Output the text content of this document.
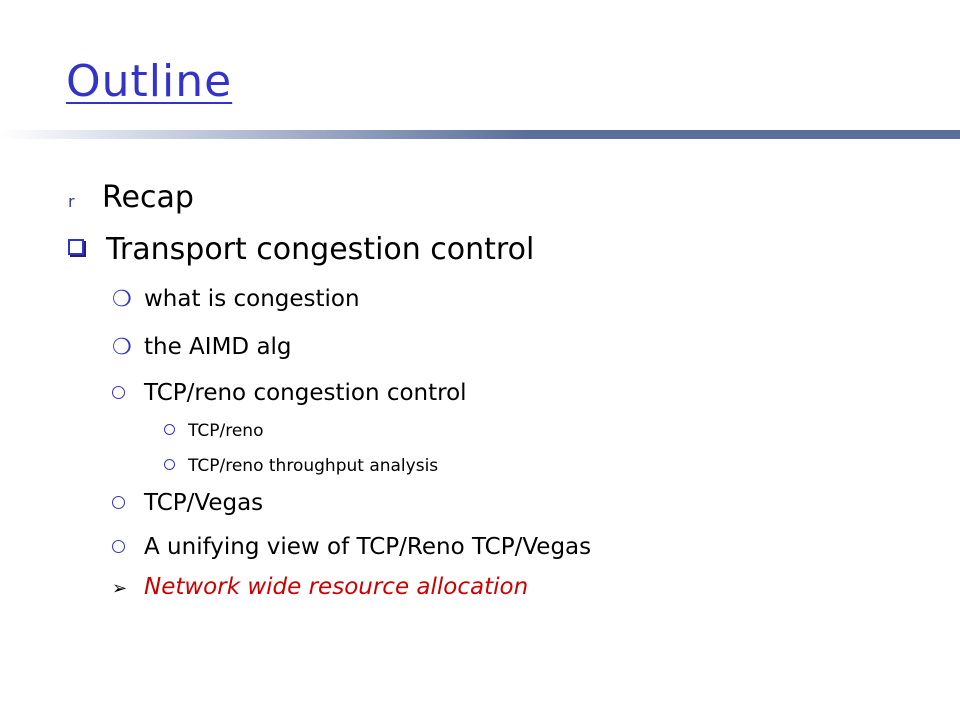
Outline
r Recap
Transport congestion control
❍ what is congestion
❍ the AIMD alg
TCP/reno congestion control
TCP/reno
TCP/reno throughput analysis
TCP/Vegas
A unifying view of TCP/Reno TCP/Vegas
➢ Network wide resource allocation
